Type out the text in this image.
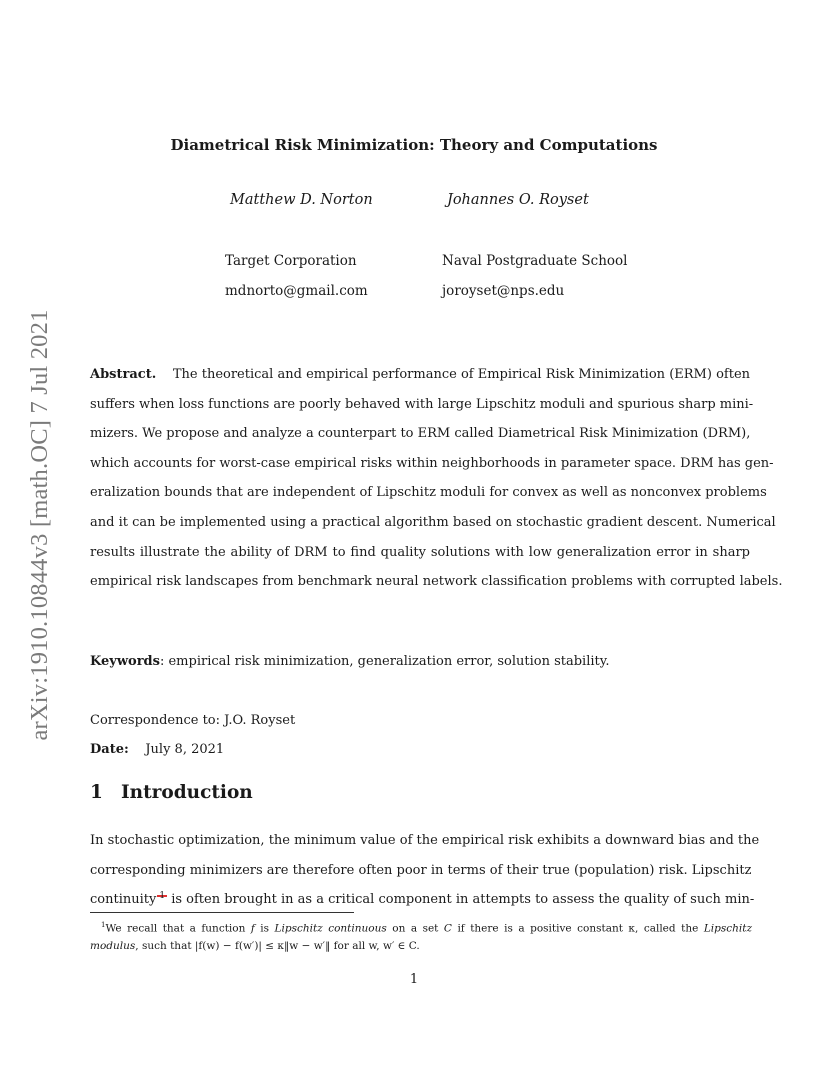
arXiv:1910.10844v3 [math.OC] 7 Jul 2021
Diametrical Risk Minimization: Theory and Computations
Matthew D. Norton	Johannes O. Royset
Target Corporation	Naval Postgraduate School
mdnorto@gmail.com	joroyset@nps.edu
Abstract. The theoretical and empirical performance of Empirical Risk Minimization (ERM) often
suffers when loss functions are poorly behaved with large Lipschitz moduli and spurious sharp mini-
mizers. We propose and analyze a counterpart to ERM called Diametrical Risk Minimization (DRM),
which accounts for worst-case empirical risks within neighborhoods in parameter space. DRM has gen-
eralization bounds that are independent of Lipschitz moduli for convex as well as nonconvex problems
and it can be implemented using a practical algorithm based on stochastic gradient descent. Numerical
results illustrate the ability of DRM to find quality solutions with low generalization error in sharp
empirical risk landscapes from benchmark neural network classification problems with corrupted labels.
Keywords: empirical risk minimization, generalization error, solution stability.
Correspondence to: J.O. Royset
Date: July 8, 2021
1 Introduction
In stochastic optimization, the minimum value of the empirical risk exhibits a downward bias and the
corresponding minimizers are therefore often poor in terms of their true (population) risk. Lipschitz
continuity 1 is often brought in as a critical component in attempts to assess the quality of such min-
$^1$We recall that a function f is Lipschitz continuous on a set C if there is a positive constant κ, called the Lipschitz
modulus, such that |f(w) − f(w′)| ≤ κ‖w − w′‖ for all w, w′ ∈ C.
1
